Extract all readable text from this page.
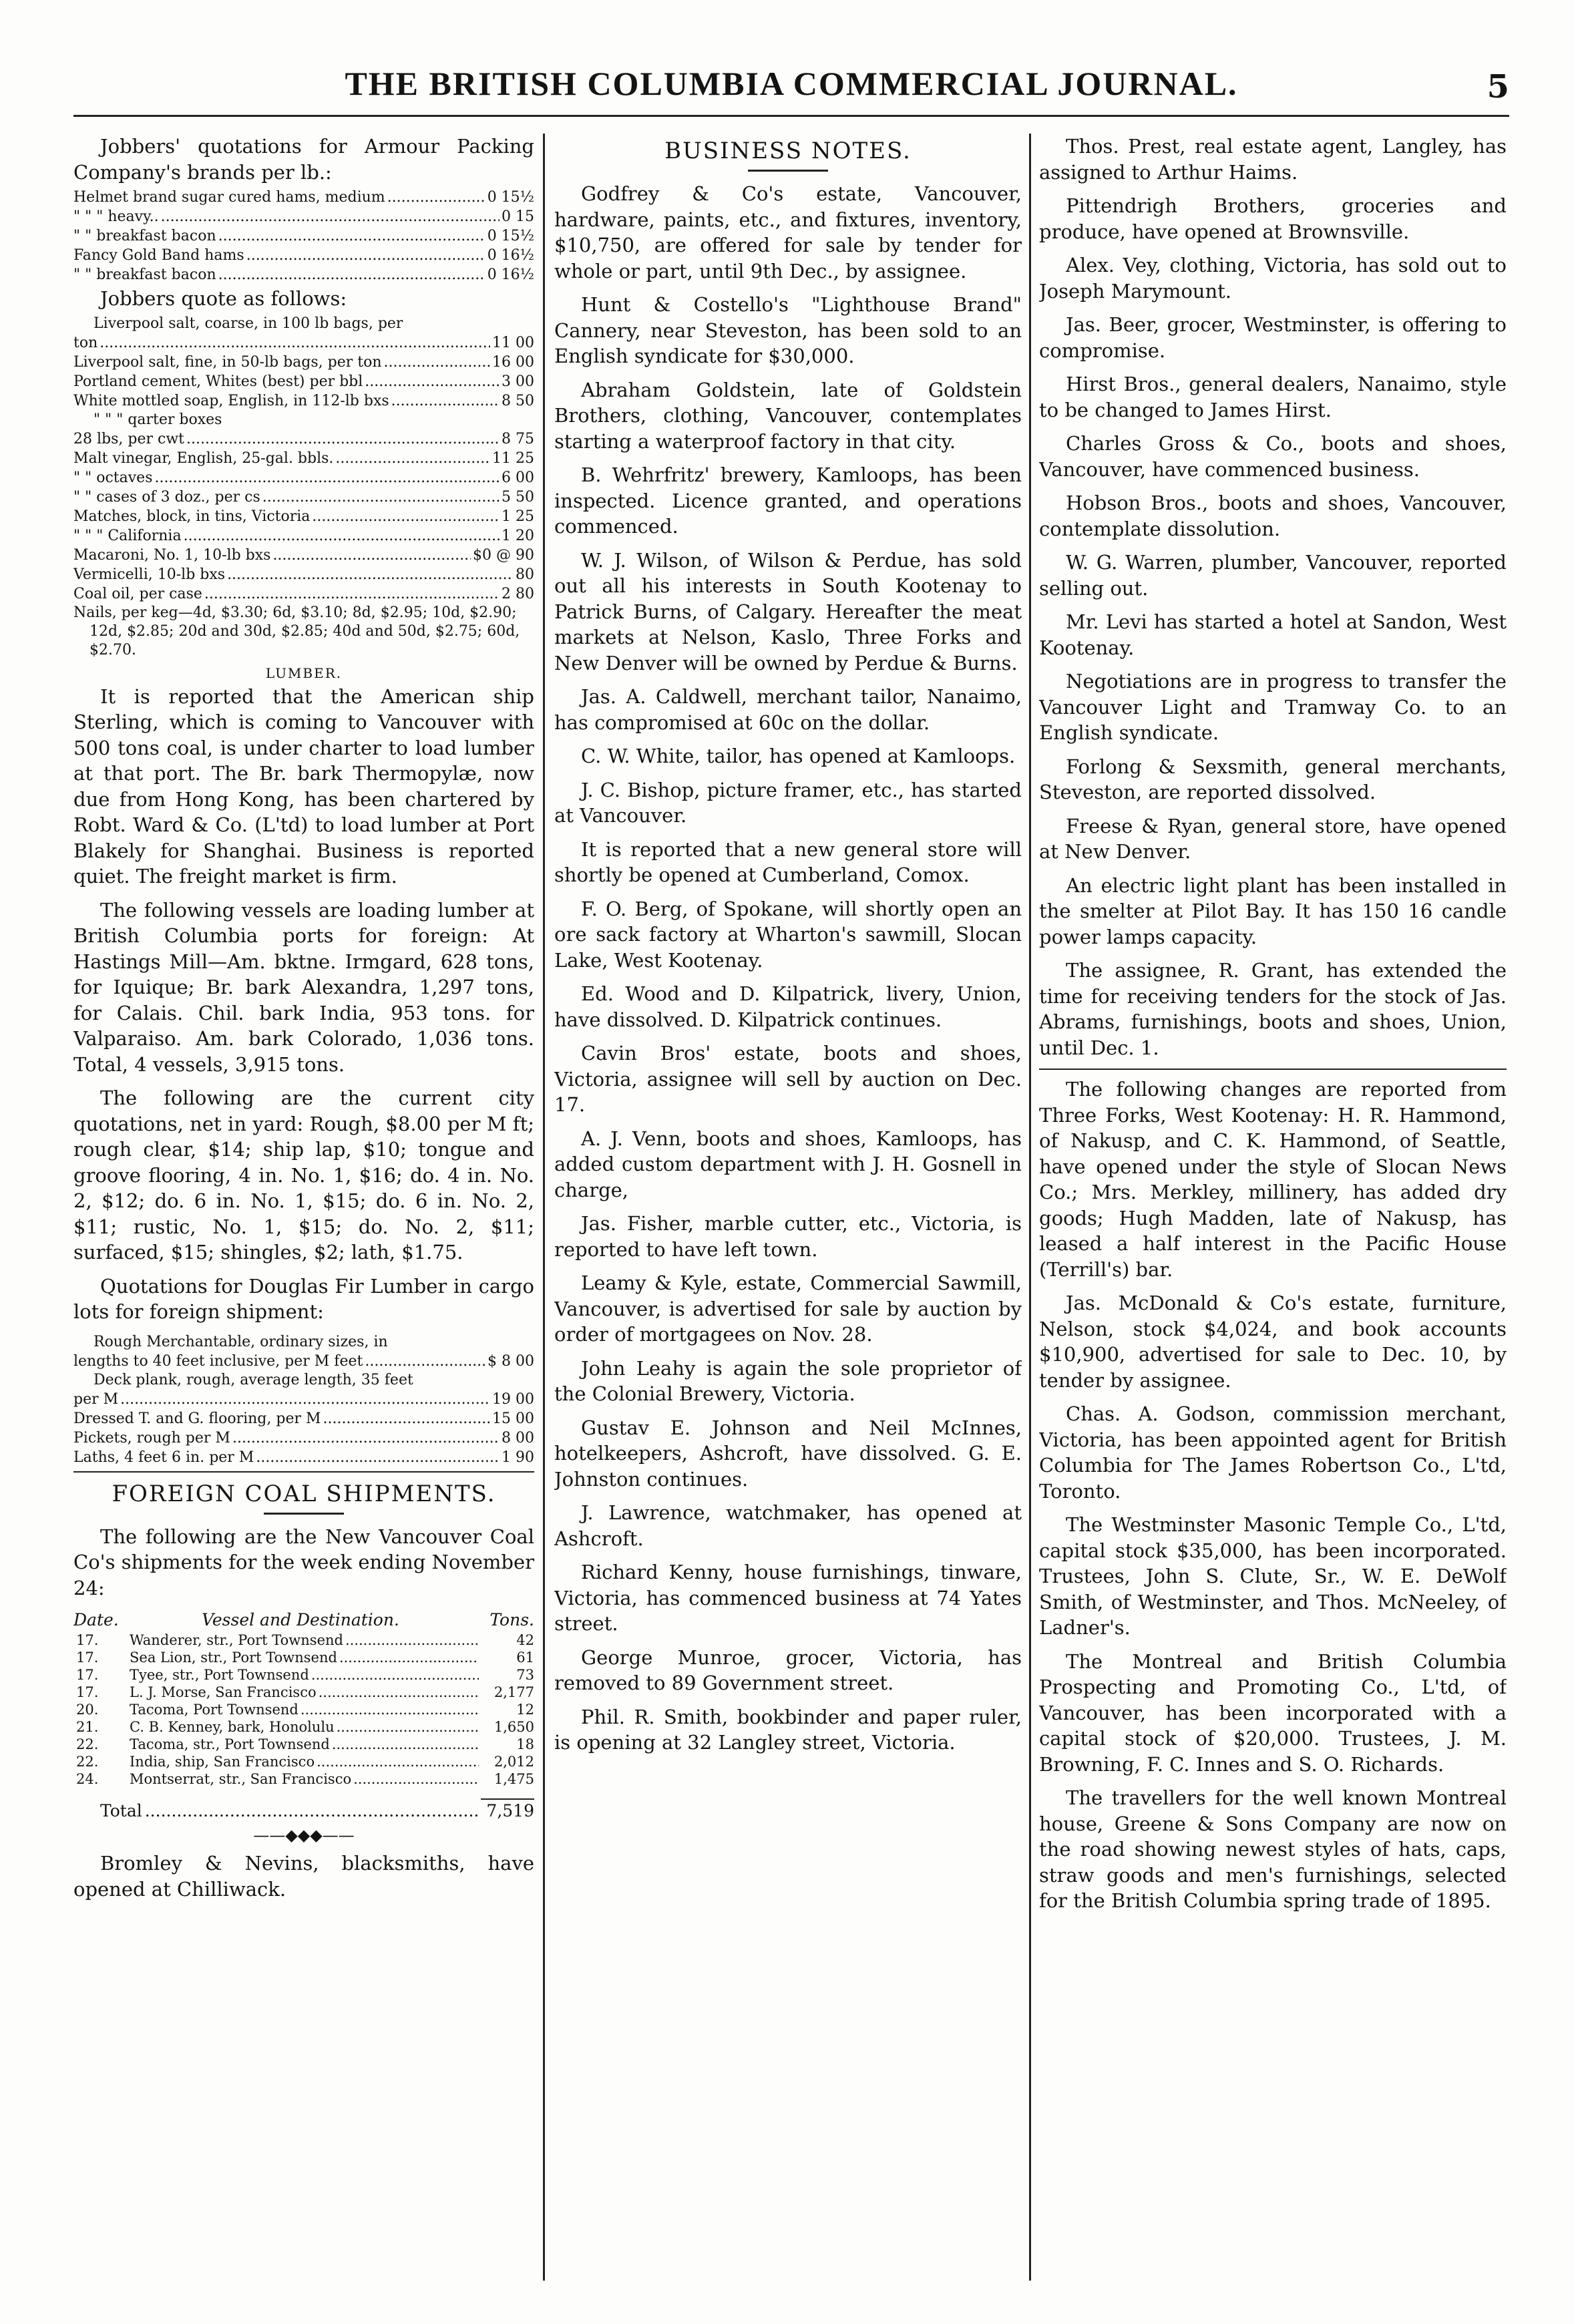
THE BRITISH COLUMBIA COMMERCIAL JOURNAL.	5

Jobbers' quotations for Armour Packing Company's brands per lb.:

Helmet brand sugar cured hams, medium .....	0 15½
" " " heavy.. .....	0 15
" " breakfast bacon .....	0 15½
Fancy Gold Band hams .....	0 16½
" " breakfast bacon .....	0 16½

Jobbers quote as follows:

Liverpool salt, coarse, in 100 lb bags, per
ton .....	11 00
Liverpool salt, fine, in 50-lb bags, per ton .....	16 00
Portland cement, Whites (best) per bbl .....	3 00
White mottled soap, English, in 112-lb bxs .....	8 50
" " " qarter boxes
28 lbs, per cwt .....	8 75
Malt vinegar, English, 25-gal. bbls. .....	11 25
" " octaves .....	6 00
" " cases of 3 doz., per cs .....	5 50
Matches, block, in tins, Victoria .....	1 25
" " " California .....	1 20
Macaroni, No. 1, 10-lb bxs .....	$0 @ 90
Vermicelli, 10-lb bxs .....	80
Coal oil, per case .....	2 80

Nails, per keg—4d, $3.30; 6d, $3.10; 8d, $2.95; 10d, $2.90; 12d, $2.85; 20d and 30d, $2.85; 40d and 50d, $2.75; 60d, $2.70.

LUMBER.

It is reported that the American ship Sterling, which is coming to Vancouver with 500 tons coal, is under charter to load lumber at that port. The Br. bark Thermopylæ, now due from Hong Kong, has been chartered by Robt. Ward & Co. (L'td) to load lumber at Port Blakely for Shanghai. Business is reported quiet. The freight market is firm.

The following vessels are loading lumber at British Columbia ports for foreign: At Hastings Mill—Am. bktne. Irmgard, 628 tons, for Iquique; Br. bark Alexandra, 1,297 tons, for Calais. Chil. bark India, 953 tons. for Valparaiso. Am. bark Colorado, 1,036 tons. Total, 4 vessels, 3,915 tons.

The following are the current city quotations, net in yard: Rough, $8.00 per M ft; rough clear, $14; ship lap, $10; tongue and groove flooring, 4 in. No. 1, $16; do. 4 in. No. 2, $12; do. 6 in. No. 1, $15; do. 6 in. No. 2, $11; rustic, No. 1, $15; do. No. 2, $11; surfaced, $15; shingles, $2; lath, $1.75.

Quotations for Douglas Fir Lumber in cargo lots for foreign shipment:

Rough Merchantable, ordinary sizes, in
lengths to 40 feet inclusive, per M feet .....	$ 8 00
Deck plank, rough, average length, 35 feet
per M .....	19 00
Dressed T. and G. flooring, per M .....	15 00
Pickets, rough per M .....	8 00
Laths, 4 feet 6 in. per M .....	1 90
FOREIGN COAL SHIPMENTS.

The following are the New Vancouver Coal Co's shipments for the week ending November 24:

Date.	Vessel and Destination.	Tons.
17.	Wanderer, str., Port Townsend .....	42
17.	Sea Lion, str., Port Townsend .....	61
17.	Tyee, str., Port Townsend .....	73
17.	L. J. Morse, San Francisco .....	2,177
20.	Tacoma, Port Townsend .....	12
21.	C. B. Kenney, bark, Honolulu .....	1,650
22.	Tacoma, str., Port Townsend .....	18
22.	India, ship, San Francisco .....	2,012
24.	Montserrat, str., San Francisco .....	1,475
Total .....	7,519
——◆◆◆——

Bromley & Nevins, blacksmiths, have opened at Chilliwack.

BUSINESS NOTES.

Godfrey & Co's estate, Vancouver, hardware, paints, etc., and fixtures, inventory, $10,750, are offered for sale by tender for whole or part, until 9th Dec., by assignee.

Hunt & Costello's "Lighthouse Brand" Cannery, near Steveston, has been sold to an English syndicate for $30,000.

Abraham Goldstein, late of Goldstein Brothers, clothing, Vancouver, contemplates starting a waterproof factory in that city.

B. Wehrfritz' brewery, Kamloops, has been inspected. Licence granted, and operations commenced.

W. J. Wilson, of Wilson & Perdue, has sold out all his interests in South Kootenay to Patrick Burns, of Calgary. Hereafter the meat markets at Nelson, Kaslo, Three Forks and New Denver will be owned by Perdue & Burns.

Jas. A. Caldwell, merchant tailor, Nanaimo, has compromised at 60c on the dollar.

C. W. White, tailor, has opened at Kamloops.

J. C. Bishop, picture framer, etc., has started at Vancouver.

It is reported that a new general store will shortly be opened at Cumberland, Comox.

F. O. Berg, of Spokane, will shortly open an ore sack factory at Wharton's sawmill, Slocan Lake, West Kootenay.

Ed. Wood and D. Kilpatrick, livery, Union, have dissolved. D. Kilpatrick continues.

Cavin Bros' estate, boots and shoes, Victoria, assignee will sell by auction on Dec. 17.

A. J. Venn, boots and shoes, Kamloops, has added custom department with J. H. Gosnell in charge,

Jas. Fisher, marble cutter, etc., Victoria, is reported to have left town.

Leamy & Kyle, estate, Commercial Sawmill, Vancouver, is advertised for sale by auction by order of mortgagees on Nov. 28.

John Leahy is again the sole proprietor of the Colonial Brewery, Victoria.

Gustav E. Johnson and Neil McInnes, hotelkeepers, Ashcroft, have dissolved. G. E. Johnston continues.

J. Lawrence, watchmaker, has opened at Ashcroft.

Richard Kenny, house furnishings, tinware, Victoria, has commenced business at 74 Yates street.

George Munroe, grocer, Victoria, has removed to 89 Government street.

Phil. R. Smith, bookbinder and paper ruler, is opening at 32 Langley street, Victoria.

Thos. Prest, real estate agent, Langley, has assigned to Arthur Haims.

Pittendrigh Brothers, groceries and produce, have opened at Brownsville.

Alex. Vey, clothing, Victoria, has sold out to Joseph Marymount.

Jas. Beer, grocer, Westminster, is offering to compromise.

Hirst Bros., general dealers, Nanaimo, style to be changed to James Hirst.

Charles Gross & Co., boots and shoes, Vancouver, have commenced business.

Hobson Bros., boots and shoes, Vancouver, contemplate dissolution.

W. G. Warren, plumber, Vancouver, reported selling out.

Mr. Levi has started a hotel at Sandon, West Kootenay.

Negotiations are in progress to transfer the Vancouver Light and Tramway Co. to an English syndicate.

Forlong & Sexsmith, general merchants, Steveston, are reported dissolved.

Freese & Ryan, general store, have opened at New Denver.

An electric light plant has been installed in the smelter at Pilot Bay. It has 150 16 candle power lamps capacity.

The assignee, R. Grant, has extended the time for receiving tenders for the stock of Jas. Abrams, furnishings, boots and shoes, Union, until Dec. 1.

The following changes are reported from Three Forks, West Kootenay: H. R. Hammond, of Nakusp, and C. K. Hammond, of Seattle, have opened under the style of Slocan News Co.; Mrs. Merkley, millinery, has added dry goods; Hugh Madden, late of Nakusp, has leased a half interest in the Pacific House (Terrill's) bar.

Jas. McDonald & Co's estate, furniture, Nelson, stock $4,024, and book accounts $10,900, advertised for sale to Dec. 10, by tender by assignee.

Chas. A. Godson, commission merchant, Victoria, has been appointed agent for British Columbia for The James Robertson Co., L'td, Toronto.

The Westminster Masonic Temple Co., L'td, capital stock $35,000, has been incorporated. Trustees, John S. Clute, Sr., W. E. DeWolf Smith, of Westminster, and Thos. McNeeley, of Ladner's.

The Montreal and British Columbia Prospecting and Promoting Co., L'td, of Vancouver, has been incorporated with a capital stock of $20,000. Trustees, J. M. Browning, F. C. Innes and S. O. Richards.

The travellers for the well known Montreal house, Greene & Sons Company are now on the road showing newest styles of hats, caps, straw goods and men's furnishings, selected for the British Columbia spring trade of 1895.
